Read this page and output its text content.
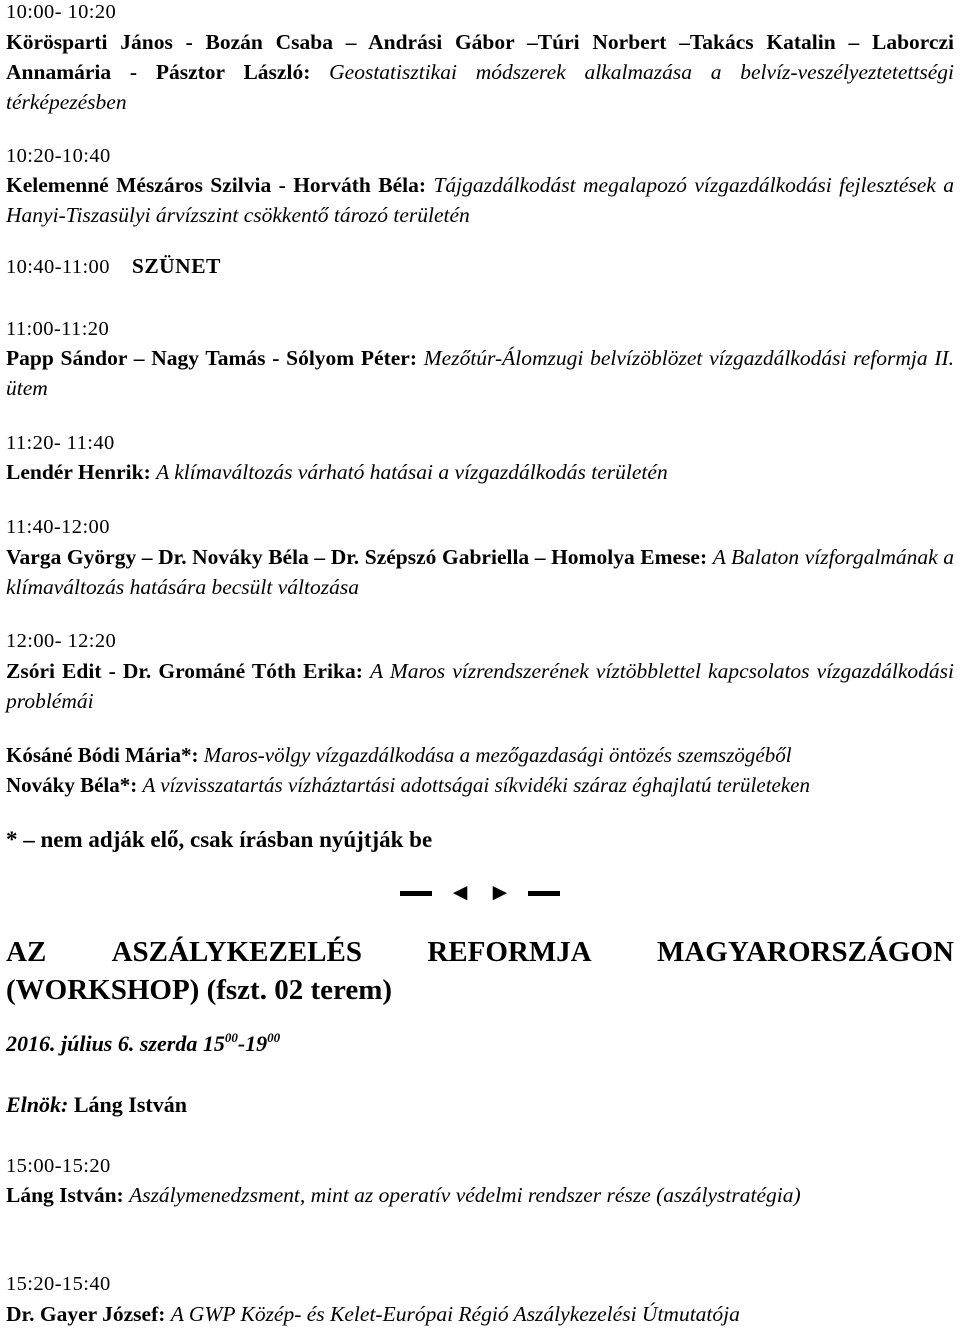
10:00- 10:20
Körösparti János - Bozán Csaba – Andrási Gábor –Túri Norbert –Takács Katalin – Laborczi Annamária - Pásztor László: Geostatisztikai módszerek alkalmazása a belvíz-veszélyeztetettségi térképezésben
10:20-10:40
Kelemenné Mészáros Szilvia - Horváth Béla: Tájgazdálkodást megalapozó vízgazdálkodási fejlesztések a Hanyi-Tiszasülyi árvízszint csökkentő tározó területén
10:40-11:00 SZÜNET
11:00-11:20
Papp Sándor – Nagy Tamás - Sólyom Péter: Mezőtúr-Álomzugi belvízöblözet vízgazdálkodási reformja II. ütem
11:20- 11:40
Lendér Henrik: A klímaváltozás várható hatásai a vízgazdálkodás területén
11:40-12:00
Varga György – Dr. Nováky Béla – Dr. Szépszó Gabriella – Homolya Emese: A Balaton vízforgalmának a klímaváltozás hatására becsült változása
12:00- 12:20
Zsóri Edit - Dr. Grománé Tóth Erika: A Maros vízrendszerének víztöbblettel kapcsolatos vízgazdálkodási problémái
Kósáné Bódi Mária*: Maros-völgy vízgazdálkodása a mezőgazdasági öntözés szemszögéből
Nováky Béla*: A vízvisszatartás vízháztartási adottságai síkvidéki száraz éghajlatú területeken
* – nem adják elő, csak írásban nyújtják be
◄ ►
AZ ASZÁLYKEZELÉS REFORMJA MAGYARORSZÁGON
(WORKSHOP) (fszt. 02 terem)
2016. július 6. szerda $15^{00}-19^{00}$
Elnök: Láng István
15:00-15:20
Láng István: Aszálymenedzsment, mint az operatív védelmi rendszer része (aszálystratégia)
15:20-15:40
Dr. Gayer József: A GWP Közép- és Kelet-Európai Régió Aszálykezelési Útmutatója
